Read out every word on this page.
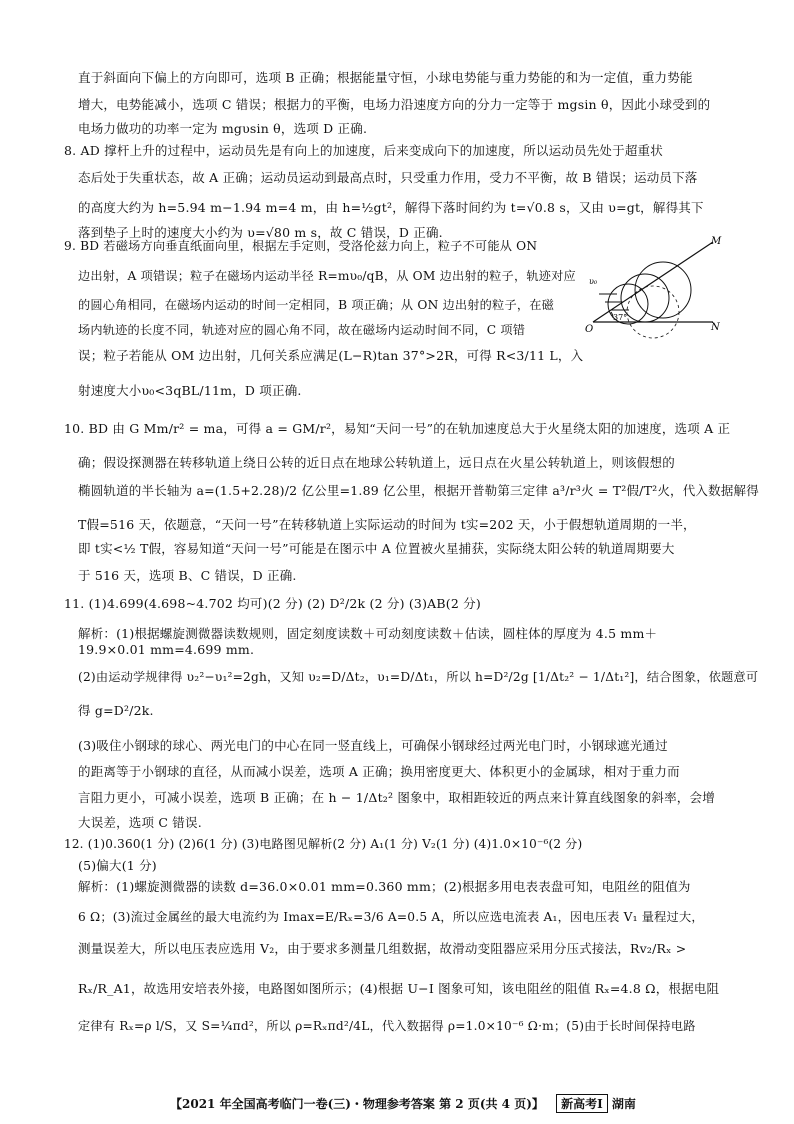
直于斜面向下偏上的方向即可，选项 B 正确；根据能量守恒，小球电势能与重力势能的和为一定值，重力势能
增大，电势能减小，选项 C 错误；根据力的平衡，电场力沿速度方向的分力一定等于 mgsin θ，因此小球受到的
电场力做功的功率一定为 mgυsin θ，选项 D 正确.
8. AD 撑杆上升的过程中，运动员先是有向上的加速度，后来变成向下的加速度，所以运动员先处于超重状
态后处于失重状态，故 A 正确；运动员运动到最高点时，只受重力作用，受力不平衡，故 B 错误；运动员下落
的高度大约为 h=5.94 m−1.94 m=4 m，由 h=½gt²，解得下落时间约为 t=√0.8 s，又由 υ=gt，解得其下
落到垫子上时的速度大小约为 υ=√80 m s，故 C 错误，D 正确.
9. BD 若磁场方向垂直纸面向里，根据左手定则，受洛伦兹力向上，粒子不可能从 ON
边出射，A 项错误；粒子在磁场内运动半径 R=mυ₀/qB，从 OM 边出射的粒子，轨迹对应
的圆心角相同，在磁场内运动的时间一定相同，B 项正确；从 ON 边出射的粒子，在磁
场内轨迹的长度不同，轨迹对应的圆心角不同，故在磁场内运动时间不同，C 项错
误；粒子若能从 OM 边出射，几何关系应满足(L−R)tan 37°>2R，可得 R<3/11 L，入
射速度大小υ₀<3qBL/11m，D 项正确.
M
N
O
υ₀
37°
10. BD 由 G Mm/r² = ma，可得 a = GM/r²，易知“天问一号”的在轨加速度总大于火星绕太阳的加速度，选项 A 正
确；假设探测器在转移轨道上绕日公转的近日点在地球公转轨道上，远日点在火星公转轨道上，则该假想的
椭圆轨道的半长轴为 a=(1.5+2.28)/2 亿公里=1.89 亿公里，根据开普勒第三定律 a³/r³火 = T²假/T²火，代入数据解得
T假=516 天，依题意，“天问一号”在转移轨道上实际运动的时间为 t实=202 天，小于假想轨道周期的一半，
即 t实<½ T假，容易知道“天问一号”可能是在图示中 A 位置被火星捕获，实际绕太阳公转的轨道周期要大
于 516 天，选项 B、C 错误，D 正确.
11. (1)4.699(4.698~4.702 均可)(2 分) (2) D²/2k (2 分) (3)AB(2 分)
解析：(1)根据螺旋测微器读数规则，固定刻度读数＋可动刻度读数＋估读，圆柱体的厚度为 4.5 mm＋
19.9×0.01 mm=4.699 mm.
(2)由运动学规律得 υ₂²−υ₁²=2gh，又知 υ₂=D/Δt₂，υ₁=D/Δt₁，所以 h=D²/2g [1/Δt₂² − 1/Δt₁²]，结合图象，依题意可
得 g=D²/2k.
(3)吸住小钢球的球心、两光电门的中心在同一竖直线上，可确保小钢球经过两光电门时，小钢球遮光通过
的距离等于小钢球的直径，从而减小误差，选项 A 正确；换用密度更大、体积更小的金属球，相对于重力而
言阻力更小，可减小误差，选项 B 正确；在 h − 1/Δt₂² 图象中，取相距较近的两点来计算直线图象的斜率，会增
大误差，选项 C 错误.
12. (1)0.360(1 分) (2)6(1 分) (3)电路图见解析(2 分) A₁(1 分) V₂(1 分) (4)1.0×10⁻⁶(2 分)
(5)偏大(1 分)
解析：(1)螺旋测微器的读数 d=36.0×0.01 mm=0.360 mm；(2)根据多用电表表盘可知，电阻丝的阻值为
6 Ω；(3)流过金属丝的最大电流约为 Imax=E/Rₓ=3/6 A=0.5 A，所以应选电流表 A₁，因电压表 V₁ 量程过大，
测量误差大，所以电压表应选用 V₂，由于要求多测量几组数据，故滑动变阻器应采用分压式接法，Rv₂/Rₓ >
Rₓ/R_A1，故选用安培表外接，电路图如图所示；(4)根据 U−I 图象可知，该电阻丝的阻值 Rₓ=4.8 Ω，根据电阻
定律有 Rₓ=ρ l/S，又 S=¼πd²，所以 ρ=Rₓπd²/4L，代入数据得 ρ=1.0×10⁻⁶ Ω·m；(5)由于长时间保持电路
【2021 年全国高考临门一卷(三)・物理参考答案 第 2 页(共 4 页)】 新高考Ⅰ 湖南
